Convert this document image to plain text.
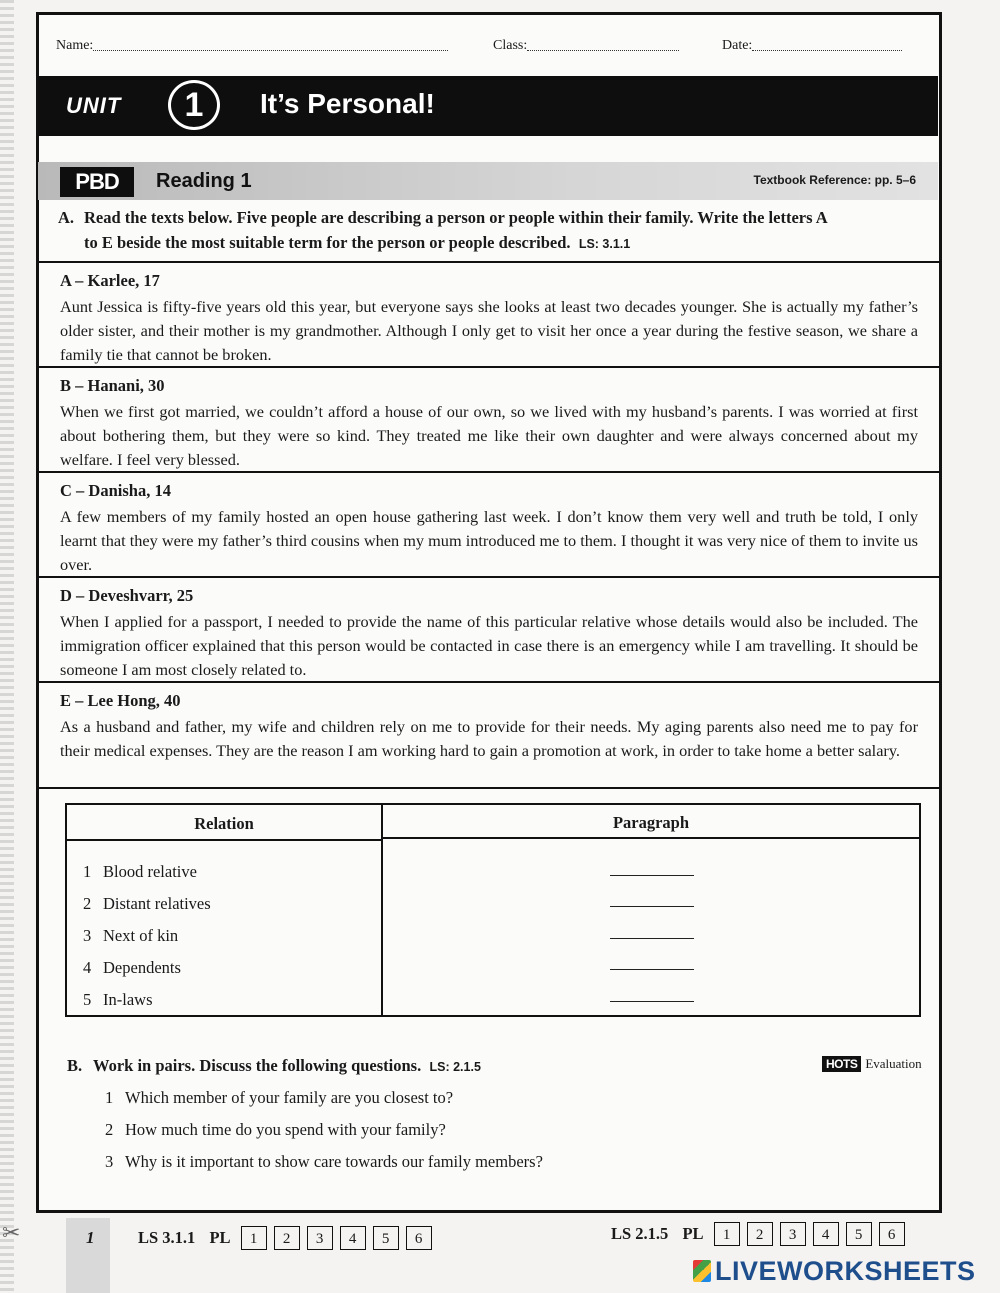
✂
Name:	Class:	Date:
UNIT	1	It’s Personal!
PBD	Reading 1	Textbook Reference: pp. 5–6
A. Read the texts below. Five people are describing a person or people within their family. Write the letters A
to E beside the most suitable term for the person or people described. LS: 3.1.1
A – Karlee, 17
Aunt Jessica is fifty-five years old this year, but everyone says she looks at least two decades younger. She is actually my father’s older sister, and their mother is my grandmother. Although I only get to visit her once a year during the festive season, we share a family tie that cannot be broken.
B – Hanani, 30
When we first got married, we couldn’t afford a house of our own, so we lived with my husband’s parents. I was worried at first about bothering them, but they were so kind. They treated me like their own daughter and were always concerned about my welfare. I feel very blessed.
C – Danisha, 14
A few members of my family hosted an open house gathering last week. I don’t know them very well and truth be told, I only learnt that they were my father’s third cousins when my mum introduced me to them. I thought it was very nice of them to invite us over.
D – Deveshvarr, 25
When I applied for a passport, I needed to provide the name of this particular relative whose details would also be included. The immigration officer explained that this person would be contacted in case there is an emergency while I am travelling. It should be someone I am most closely related to.
E – Lee Hong, 40
As a husband and father, my wife and children rely on me to provide for their needs. My aging parents also need me to pay for their medical expenses. They are the reason I am working hard to gain a promotion at work, in order to take home a better salary.
Relation	Paragraph
1 Blood relative
2 Distant relatives
3 Next of kin
4 Dependents
5 In-laws
B. Work in pairs. Discuss the following questions. LS: 2.1.5	HOTS Evaluation
1 Which member of your family are you closest to?
2 How much time do you spend with your family?
3 Why is it important to show care towards our family members?
1	LS 3.1.1 PL 1 2 3 4 5 6	LS 2.1.5 PL 1 2 3 4 5 6
LIVEWORKSHEETS
